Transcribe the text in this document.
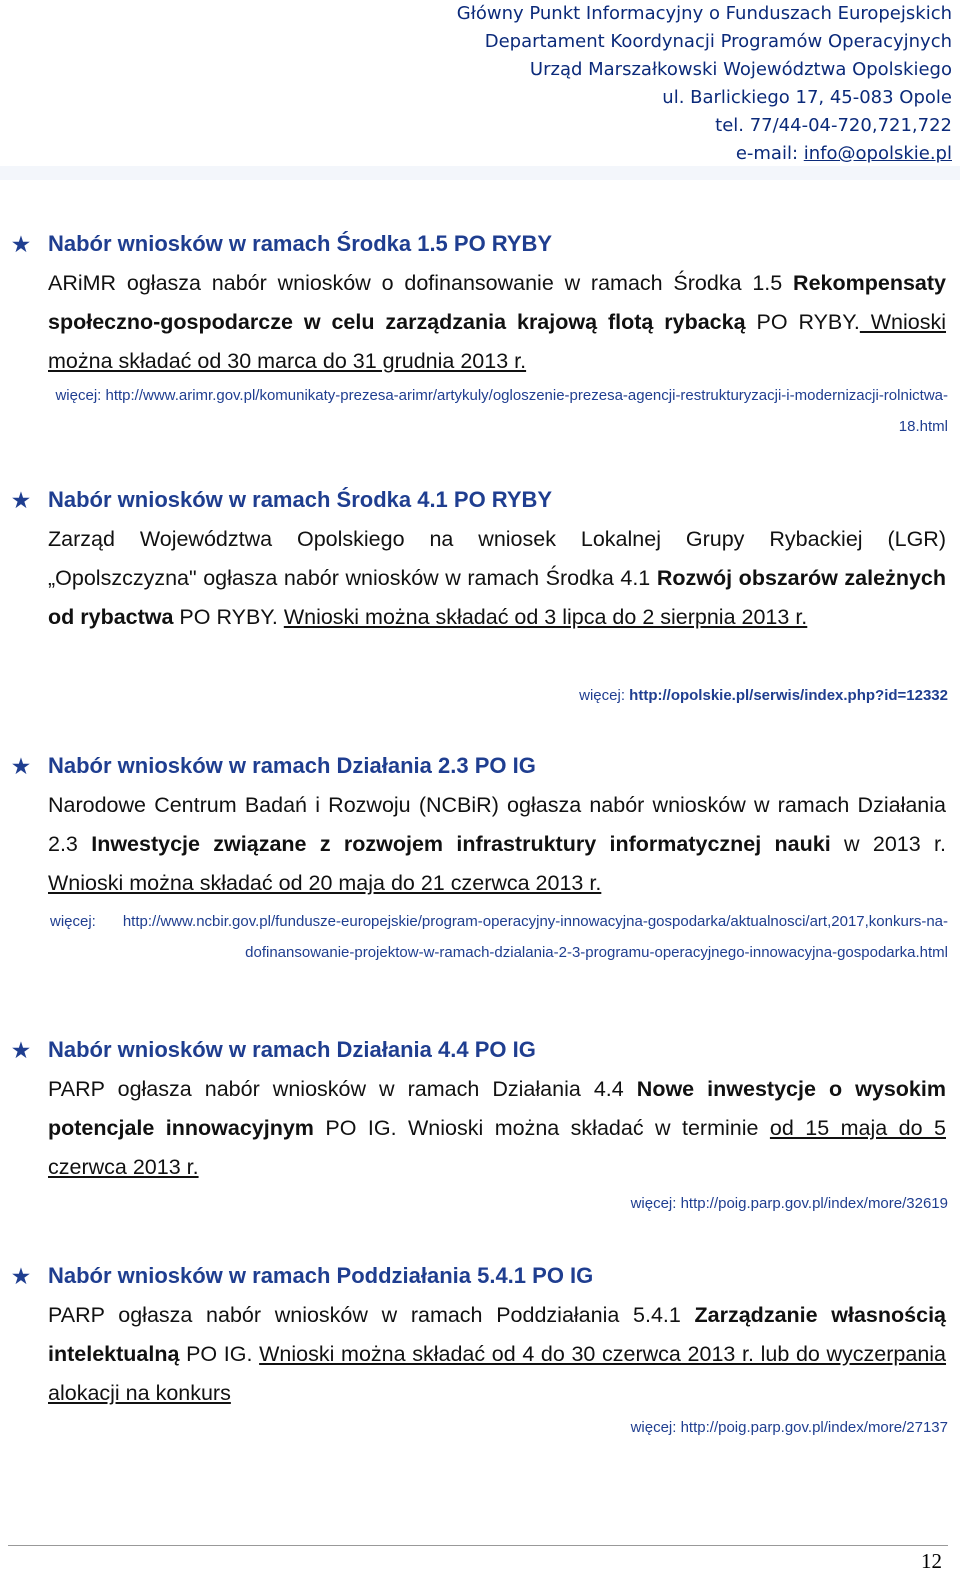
Główny Punkt Informacyjny o Funduszach Europejskich
Departament Koordynacji Programów Operacyjnych
Urząd Marszałkowski Województwa Opolskiego
ul. Barlickiego 17, 45-083 Opole
tel. 77/44-04-720,721,722
e-mail: info@opolskie.pl
★ Nabór wniosków w ramach Środka 1.5 PO RYBY
ARiMR ogłasza nabór wniosków o dofinansowanie w ramach Środka 1.5 Rekompensaty społeczno-gospodarcze w celu zarządzania krajową flotą rybacką PO RYBY. Wnioski można składać od 30 marca do 31 grudnia 2013 r.
więcej: http://www.arimr.gov.pl/komunikaty-prezesa-arimr/artykuly/ogloszenie-prezesa-agencji-restrukturyzacji-i-modernizacji-rolnictwa-18.html
★ Nabór wniosków w ramach Środka 4.1 PO RYBY
Zarząd Województwa Opolskiego na wniosek Lokalnej Grupy Rybackiej (LGR) „Opolszczyzna" ogłasza nabór wniosków w ramach Środka 4.1 Rozwój obszarów zależnych od rybactwa PO RYBY. Wnioski można składać od 3 lipca do 2 sierpnia 2013 r.
więcej: http://opolskie.pl/serwis/index.php?id=12332
★ Nabór wniosków w ramach Działania 2.3 PO IG
Narodowe Centrum Badań i Rozwoju (NCBiR) ogłasza nabór wniosków w ramach Działania 2.3 Inwestycje związane z rozwojem infrastruktury informatycznej nauki w 2013 r. Wnioski można składać od 20 maja do 21 czerwca 2013 r.
więcej: http://www.ncbir.gov.pl/fundusze-europejskie/program-operacyjny-innowacyjna-gospodarka/aktualnosci/art,2017,konkurs-na-dofinansowanie-projektow-w-ramach-dzialania-2-3-programu-operacyjnego-innowacyjna-gospodarka.html
★ Nabór wniosków w ramach Działania 4.4 PO IG
PARP ogłasza nabór wniosków w ramach Działania 4.4 Nowe inwestycje o wysokim potencjale innowacyjnym PO IG. Wnioski można składać w terminie od 15 maja do 5 czerwca 2013 r.
więcej: http://poig.parp.gov.pl/index/more/32619
★ Nabór wniosków w ramach Poddziałania 5.4.1 PO IG
PARP ogłasza nabór wniosków w ramach Poddziałania 5.4.1 Zarządzanie własnością intelektualną PO IG. Wnioski można składać od 4 do 30 czerwca 2013 r. lub do wyczerpania alokacji na konkurs
więcej: http://poig.parp.gov.pl/index/more/27137
12
